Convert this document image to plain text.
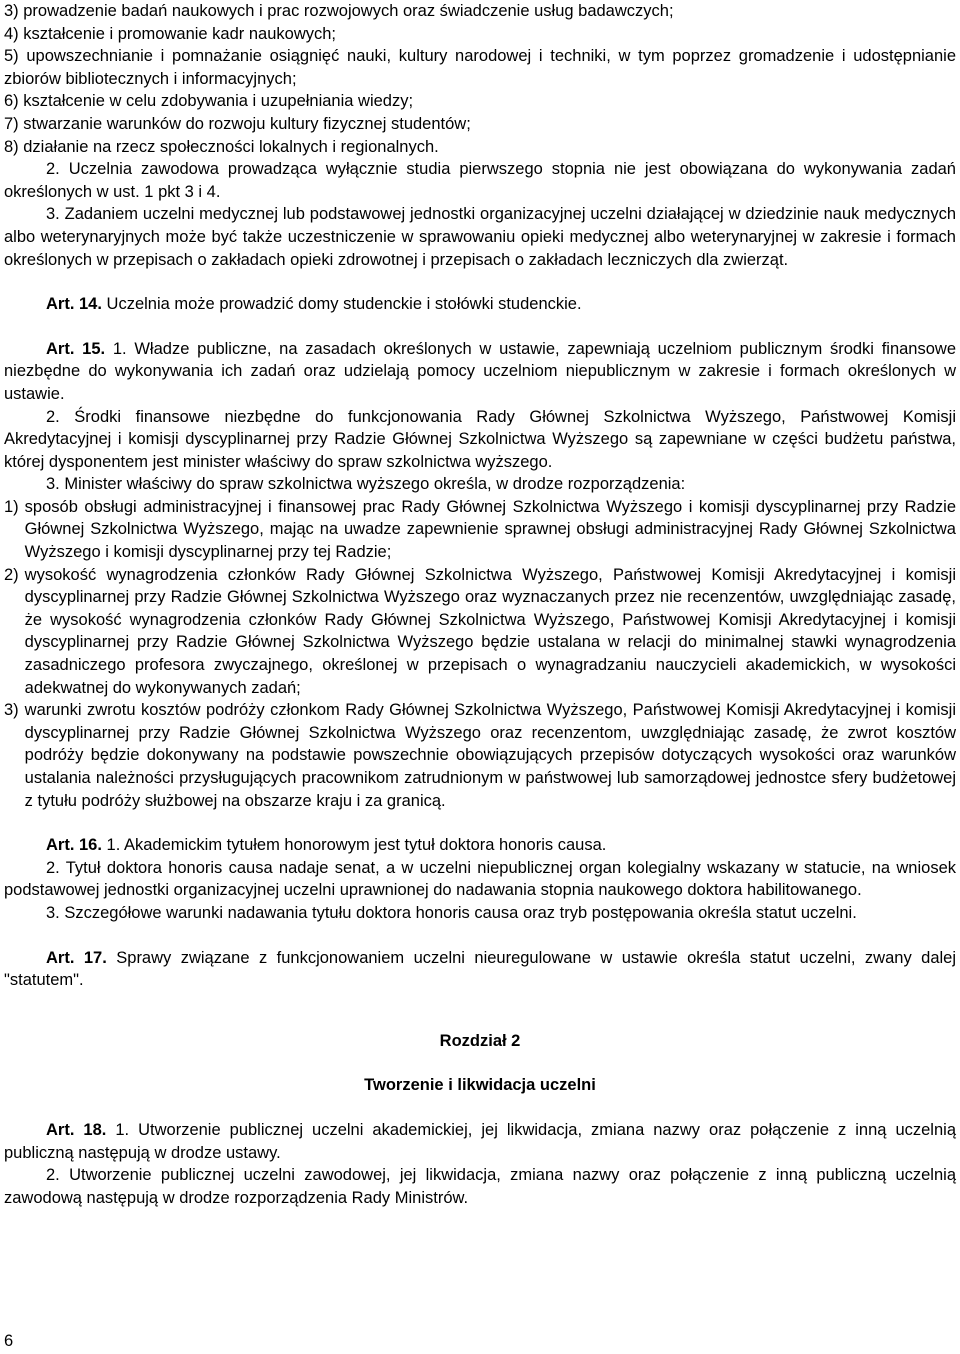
3) prowadzenie badań naukowych i prac rozwojowych oraz świadczenie usług badawczych;

4) kształcenie i promowanie kadr naukowych;

5) upowszechnianie i pomnażanie osiągnięć nauki, kultury narodowej i techniki, w tym poprzez gromadzenie i udostępnianie zbiorów bibliotecznych i informacyjnych;

6) kształcenie w celu zdobywania i uzupełniania wiedzy;

7) stwarzanie warunków do rozwoju kultury fizycznej studentów;

8) działanie na rzecz społeczności lokalnych i regionalnych.

2. Uczelnia zawodowa prowadząca wyłącznie studia pierwszego stopnia nie jest obowiązana do wykonywania zadań określonych w ust. 1 pkt 3 i 4.

3. Zadaniem uczelni medycznej lub podstawowej jednostki organizacyjnej uczelni działającej w dziedzinie nauk medycznych albo weterynaryjnych może być także uczestniczenie w sprawowaniu opieki medycznej albo weterynaryjnej w zakresie i formach określonych w przepisach o zakładach opieki zdrowotnej i przepisach o zakładach leczniczych dla zwierząt.

Art. 14. Uczelnia może prowadzić domy studenckie i stołówki studenckie.

Art. 15. 1. Władze publiczne, na zasadach określonych w ustawie, zapewniają uczelniom publicznym środki finansowe niezbędne do wykonywania ich zadań oraz udzielają pomocy uczelniom niepublicznym w zakresie i formach określonych w ustawie.

2. Środki finansowe niezbędne do funkcjonowania Rady Głównej Szkolnictwa Wyższego, Państwowej Komisji Akredytacyjnej i komisji dyscyplinarnej przy Radzie Głównej Szkolnictwa Wyższego są zapewniane w części budżetu państwa, której dysponentem jest minister właściwy do spraw szkolnictwa wyższego.

3. Minister właściwy do spraw szkolnictwa wyższego określa, w drodze rozporządzenia:

1) sposób obsługi administracyjnej i finansowej prac Rady Głównej Szkolnictwa Wyższego i komisji dyscyplinarnej przy Radzie Głównej Szkolnictwa Wyższego, mając na uwadze zapewnienie sprawnej obsługi administracyjnej Rady Głównej Szkolnictwa Wyższego i komisji dyscyplinarnej przy tej Radzie;
2) wysokość wynagrodzenia członków Rady Głównej Szkolnictwa Wyższego, Państwowej Komisji Akredytacyjnej i komisji dyscyplinarnej przy Radzie Głównej Szkolnictwa Wyższego oraz wyznaczanych przez nie recenzentów, uwzględniając zasadę, że wysokość wynagrodzenia członków Rady Głównej Szkolnictwa Wyższego, Państwowej Komisji Akredytacyjnej i komisji dyscyplinarnej przy Radzie Głównej Szkolnictwa Wyższego będzie ustalana w relacji do minimalnej stawki wynagrodzenia zasadniczego profesora zwyczajnego, określonej w przepisach o wynagradzaniu nauczycieli akademickich, w wysokości adekwatnej do wykonywanych zadań;
3) warunki zwrotu kosztów podróży członkom Rady Głównej Szkolnictwa Wyższego, Państwowej Komisji Akredytacyjnej i komisji dyscyplinarnej przy Radzie Głównej Szkolnictwa Wyższego oraz recenzentom, uwzględniając zasadę, że zwrot kosztów podróży będzie dokonywany na podstawie powszechnie obowiązujących przepisów dotyczących wysokości oraz warunków ustalania należności przysługujących pracownikom zatrudnionym w państwowej lub samorządowej jednostce sfery budżetowej z tytułu podróży służbowej na obszarze kraju i za granicą.

Art. 16. 1. Akademickim tytułem honorowym jest tytuł doktora honoris causa.

2. Tytuł doktora honoris causa nadaje senat, a w uczelni niepublicznej organ kolegialny wskazany w statucie, na wniosek podstawowej jednostki organizacyjnej uczelni uprawnionej do nadawania stopnia naukowego doktora habilitowanego.

3. Szczegółowe warunki nadawania tytułu doktora honoris causa oraz tryb postępowania określa statut uczelni.

Art. 17. Sprawy związane z funkcjonowaniem uczelni nieuregulowane w ustawie określa statut uczelni, zwany dalej "statutem".

Rozdział 2

Tworzenie i likwidacja uczelni

Art. 18. 1. Utworzenie publicznej uczelni akademickiej, jej likwidacja, zmiana nazwy oraz połączenie z inną uczelnią publiczną następują w drodze ustawy.

2. Utworzenie publicznej uczelni zawodowej, jej likwidacja, zmiana nazwy oraz połączenie z inną publiczną uczelnią zawodową następują w drodze rozporządzenia Rady Ministrów.

6
